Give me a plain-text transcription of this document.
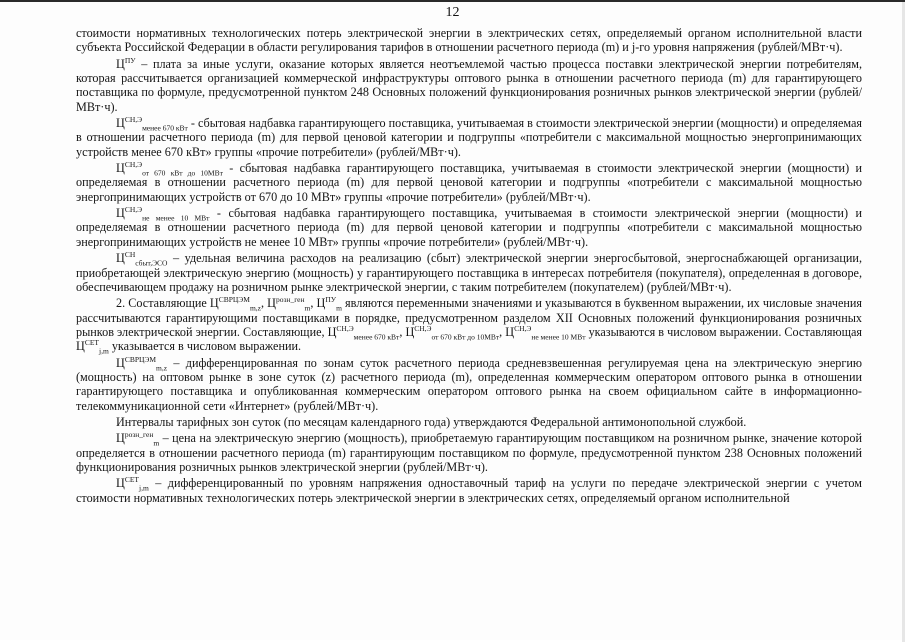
12

стоимости нормативных технологических потерь электрической энергии в электрических сетях, определяемый органом исполнительной власти субъекта Российской Федерации в области регулирования тарифов в отношении расчетного периода (m) и j-го уровня напряжения (рублей/МВт·ч).

$Ц^{ПУ}$ – плата за иные услуги, оказание которых является неотъемлемой частью процесса поставки электрической энергии потребителям, которая рассчитывается организацией коммерческой инфраструктуры оптового рынка в отношении расчетного периода (m) для гарантирующего поставщика по формуле, предусмотренной пунктом 248 Основных положений функционирования розничных рынков электрической энергии (рублей/МВт·ч).

$Ц^{СН,Э}_{менее 670 кВт}$ - сбытовая надбавка гарантирующего поставщика, учитываемая в стоимости электрической энергии (мощности) и определяемая в отношении расчетного периода (m) для первой ценовой категории и подгруппы «потребители с максимальной мощностью энергопринимающих устройств менее 670 кВт» группы «прочие потребители» (рублей/МВт·ч).

$Ц^{СН,Э}_{от 670 кВт до 10МВт}$ - сбытовая надбавка гарантирующего поставщика, учитываемая в стоимости электрической энергии (мощности) и определяемая в отношении расчетного периода (m) для первой ценовой категории и подгруппы «потребители с максимальной мощностью энергопринимающих устройств от 670 до 10 МВт» группы «прочие потребители» (рублей/МВт·ч).

$Ц^{СН,Э}_{не менее 10 МВт}$ - сбытовая надбавка гарантирующего поставщика, учитываемая в стоимости электрической энергии (мощности) и определяемая в отношении расчетного периода (m) для первой ценовой категории и подгруппы «потребители с максимальной мощностью энергопринимающих устройств не менее 10 МВт» группы «прочие потребители» (рублей/МВт·ч).

$Ц^{СН}_{сбыт,ЭСО}$ – удельная величина расходов на реализацию (сбыт) электрической энергии энергосбытовой, энергоснабжающей организации, приобретающей электрическую энергию (мощность) у гарантирующего поставщика в интересах потребителя (покупателя), определенная в договоре, обеспечивающем продажу на розничном рынке электрической энергии, с таким потребителем (покупателем) (рублей/МВт·ч).

2. Составляющие $Ц^{СВРЦЭМ}_{m,z}$, $Ц^{розн\_ген}_m$, $Ц^{ПУ}_m$ являются переменными значениями и указываются в буквенном выражении, их числовые значения рассчитываются гарантирующими поставщиками в порядке, предусмотренном разделом XII Основных положений функционирования розничных рынков электрической энергии. Составляющие, $Ц^{СН,Э}_{менее 670 кВт}$, $Ц^{СН,Э}_{от 670 кВт до 10МВт}$, $Ц^{СН,Э}_{не менее 10 МВт}$ указываются в числовом выражении. Составляющая $Ц^{СЕТ}_{j,m}$ указывается в числовом выражении.

$Ц^{СВРЦЭМ}_{m,z}$ – дифференцированная по зонам суток расчетного периода средневзвешенная регулируемая цена на электрическую энергию (мощность) на оптовом рынке в зоне суток (z) расчетного периода (m), определенная коммерческим оператором оптового рынка в отношении гарантирующего поставщика и опубликованная коммерческим оператором оптового рынка на своем официальном сайте в информационно-телекоммуникационной сети «Интернет» (рублей/МВт·ч).

Интервалы тарифных зон суток (по месяцам календарного года) утверждаются Федеральной антимонопольной службой.

$Ц^{розн\_ген}_m$ – цена на электрическую энергию (мощность), приобретаемую гарантирующим поставщиком на розничном рынке, значение которой определяется в отношении расчетного периода (m) гарантирующим поставщиком по формуле, предусмотренной пунктом 238 Основных положений функционирования розничных рынков электрической энергии (рублей/МВт·ч).

$Ц^{СЕТ}_{j,m}$ – дифференцированный по уровням напряжения одноставочный тариф на услуги по передаче электрической энергии с учетом стоимости нормативных технологических потерь электрической энергии в электрических сетях, определяемый органом исполнительной
